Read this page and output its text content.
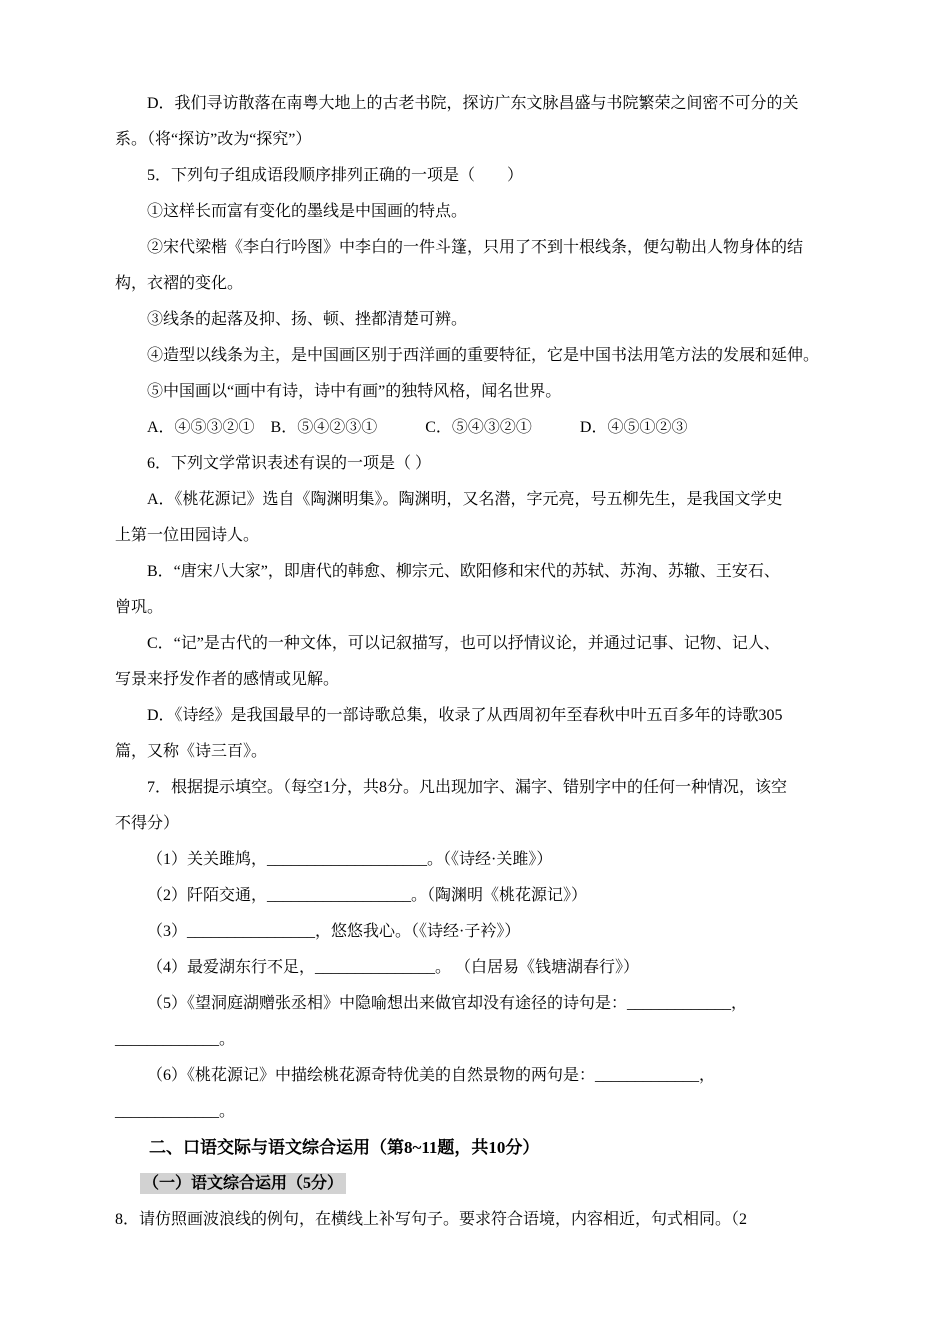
D．我们寻访散落在南粤大地上的古老书院，探访广东文脉昌盛与书院繁荣之间密不可分的关
系。（将“探访”改为“探究”）
5．下列句子组成语段顺序排列正确的一项是（　　）
①这样长而富有变化的墨线是中国画的特点。
②宋代梁楷《李白行吟图》中李白的一件斗篷，只用了不到十根线条，便勾勒出人物身体的结
构，衣褶的变化。
③线条的起落及抑、扬、顿、挫都清楚可辨。
④造型以线条为主，是中国画区别于西洋画的重要特征，它是中国书法用笔方法的发展和延伸。
⑤中国画以“画中有诗，诗中有画”的独特风格，闻名世界。
A．④⑤③②①　B．⑤④②③①　　　C．⑤④③②①　　　D．④⑤①②③
6．下列文学常识表述有误的一项是（ ）
A．《桃花源记》选自《陶渊明集》。陶渊明，又名潜，字元亮，号五柳先生，是我国文学史
上第一位田园诗人。
B．“唐宋八大家”，即唐代的韩愈、柳宗元、欧阳修和宋代的苏轼、苏洵、苏辙、王安石、
曾巩。
C．“记”是古代的一种文体，可以记叙描写，也可以抒情议论，并通过记事、记物、记人、
写景来抒发作者的感情或见解。
D．《诗经》是我国最早的一部诗歌总集，收录了从西周初年至春秋中叶五百多年的诗歌305
篇，又称《诗三百》。
7．根据提示填空。（每空1分，共8分。凡出现加字、漏字、错别字中的任何一种情况，该空
不得分）
（1）关关雎鸠，____________________。（《诗经·关雎》）
（2）阡陌交通，__________________。（陶渊明《桃花源记》）
（3）________________，悠悠我心。（《诗经·子衿》）
（4）最爱湖东行不足，_______________。 （白居易《钱塘湖春行》）
（5）《望洞庭湖赠张丞相》中隐喻想出来做官却没有途径的诗句是：_____________，
_____________。
（6）《桃花源记》中描绘桃花源奇特优美的自然景物的两句是：_____________，
_____________。
二、口语交际与语文综合运用（第8~11题，共10分）
（一）语文综合运用（5分）
8．请仿照画波浪线的例句，在横线上补写句子。要求符合语境，内容相近，句式相同。（2
